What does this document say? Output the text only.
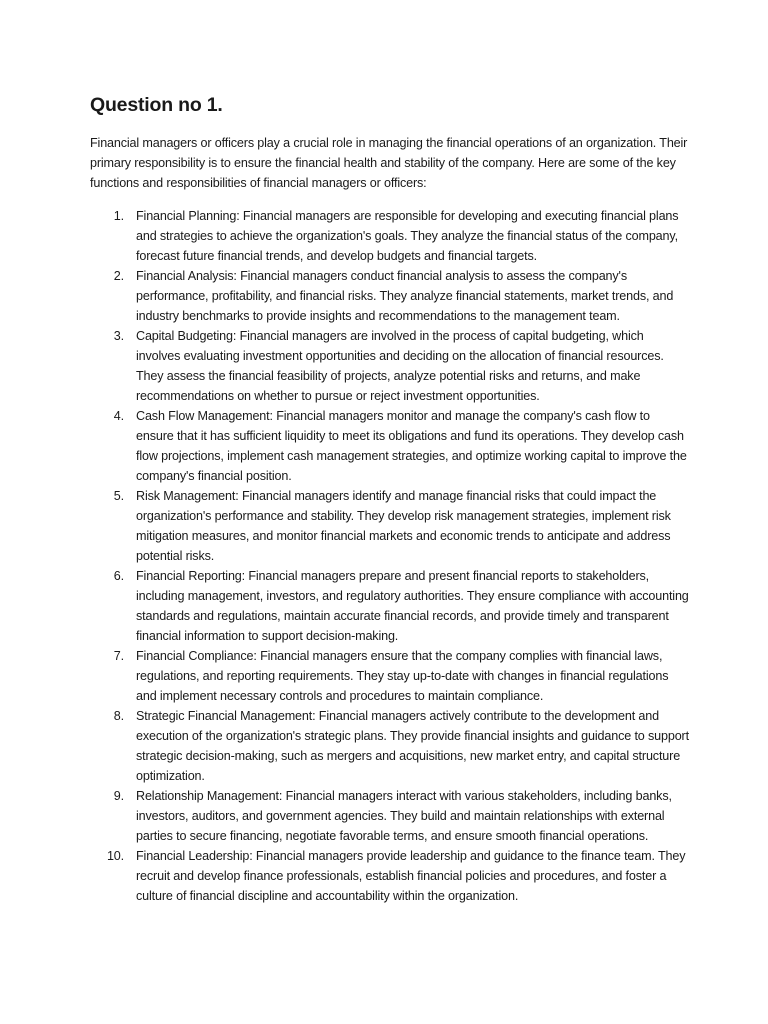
Question no 1.

Financial managers or officers play a crucial role in managing the financial operations of an organization. Their primary responsibility is to ensure the financial health and stability of the company. Here are some of the key functions and responsibilities of financial managers or officers:

1. Financial Planning: Financial managers are responsible for developing and executing financial plans and strategies to achieve the organization's goals. They analyze the financial status of the company, forecast future financial trends, and develop budgets and financial targets.
2. Financial Analysis: Financial managers conduct financial analysis to assess the company's performance, profitability, and financial risks. They analyze financial statements, market trends, and industry benchmarks to provide insights and recommendations to the management team.
3. Capital Budgeting: Financial managers are involved in the process of capital budgeting, which involves evaluating investment opportunities and deciding on the allocation of financial resources. They assess the financial feasibility of projects, analyze potential risks and returns, and make recommendations on whether to pursue or reject investment opportunities.
4. Cash Flow Management: Financial managers monitor and manage the company's cash flow to ensure that it has sufficient liquidity to meet its obligations and fund its operations. They develop cash flow projections, implement cash management strategies, and optimize working capital to improve the company's financial position.
5. Risk Management: Financial managers identify and manage financial risks that could impact the organization's performance and stability. They develop risk management strategies, implement risk mitigation measures, and monitor financial markets and economic trends to anticipate and address potential risks.
6. Financial Reporting: Financial managers prepare and present financial reports to stakeholders, including management, investors, and regulatory authorities. They ensure compliance with accounting standards and regulations, maintain accurate financial records, and provide timely and transparent financial information to support decision-making.
7. Financial Compliance: Financial managers ensure that the company complies with financial laws, regulations, and reporting requirements. They stay up-to-date with changes in financial regulations and implement necessary controls and procedures to maintain compliance.
8. Strategic Financial Management: Financial managers actively contribute to the development and execution of the organization's strategic plans. They provide financial insights and guidance to support strategic decision-making, such as mergers and acquisitions, new market entry, and capital structure optimization.
9. Relationship Management: Financial managers interact with various stakeholders, including banks, investors, auditors, and government agencies. They build and maintain relationships with external parties to secure financing, negotiate favorable terms, and ensure smooth financial operations.
10. Financial Leadership: Financial managers provide leadership and guidance to the finance team. They recruit and develop finance professionals, establish financial policies and procedures, and foster a culture of financial discipline and accountability within the organization.
